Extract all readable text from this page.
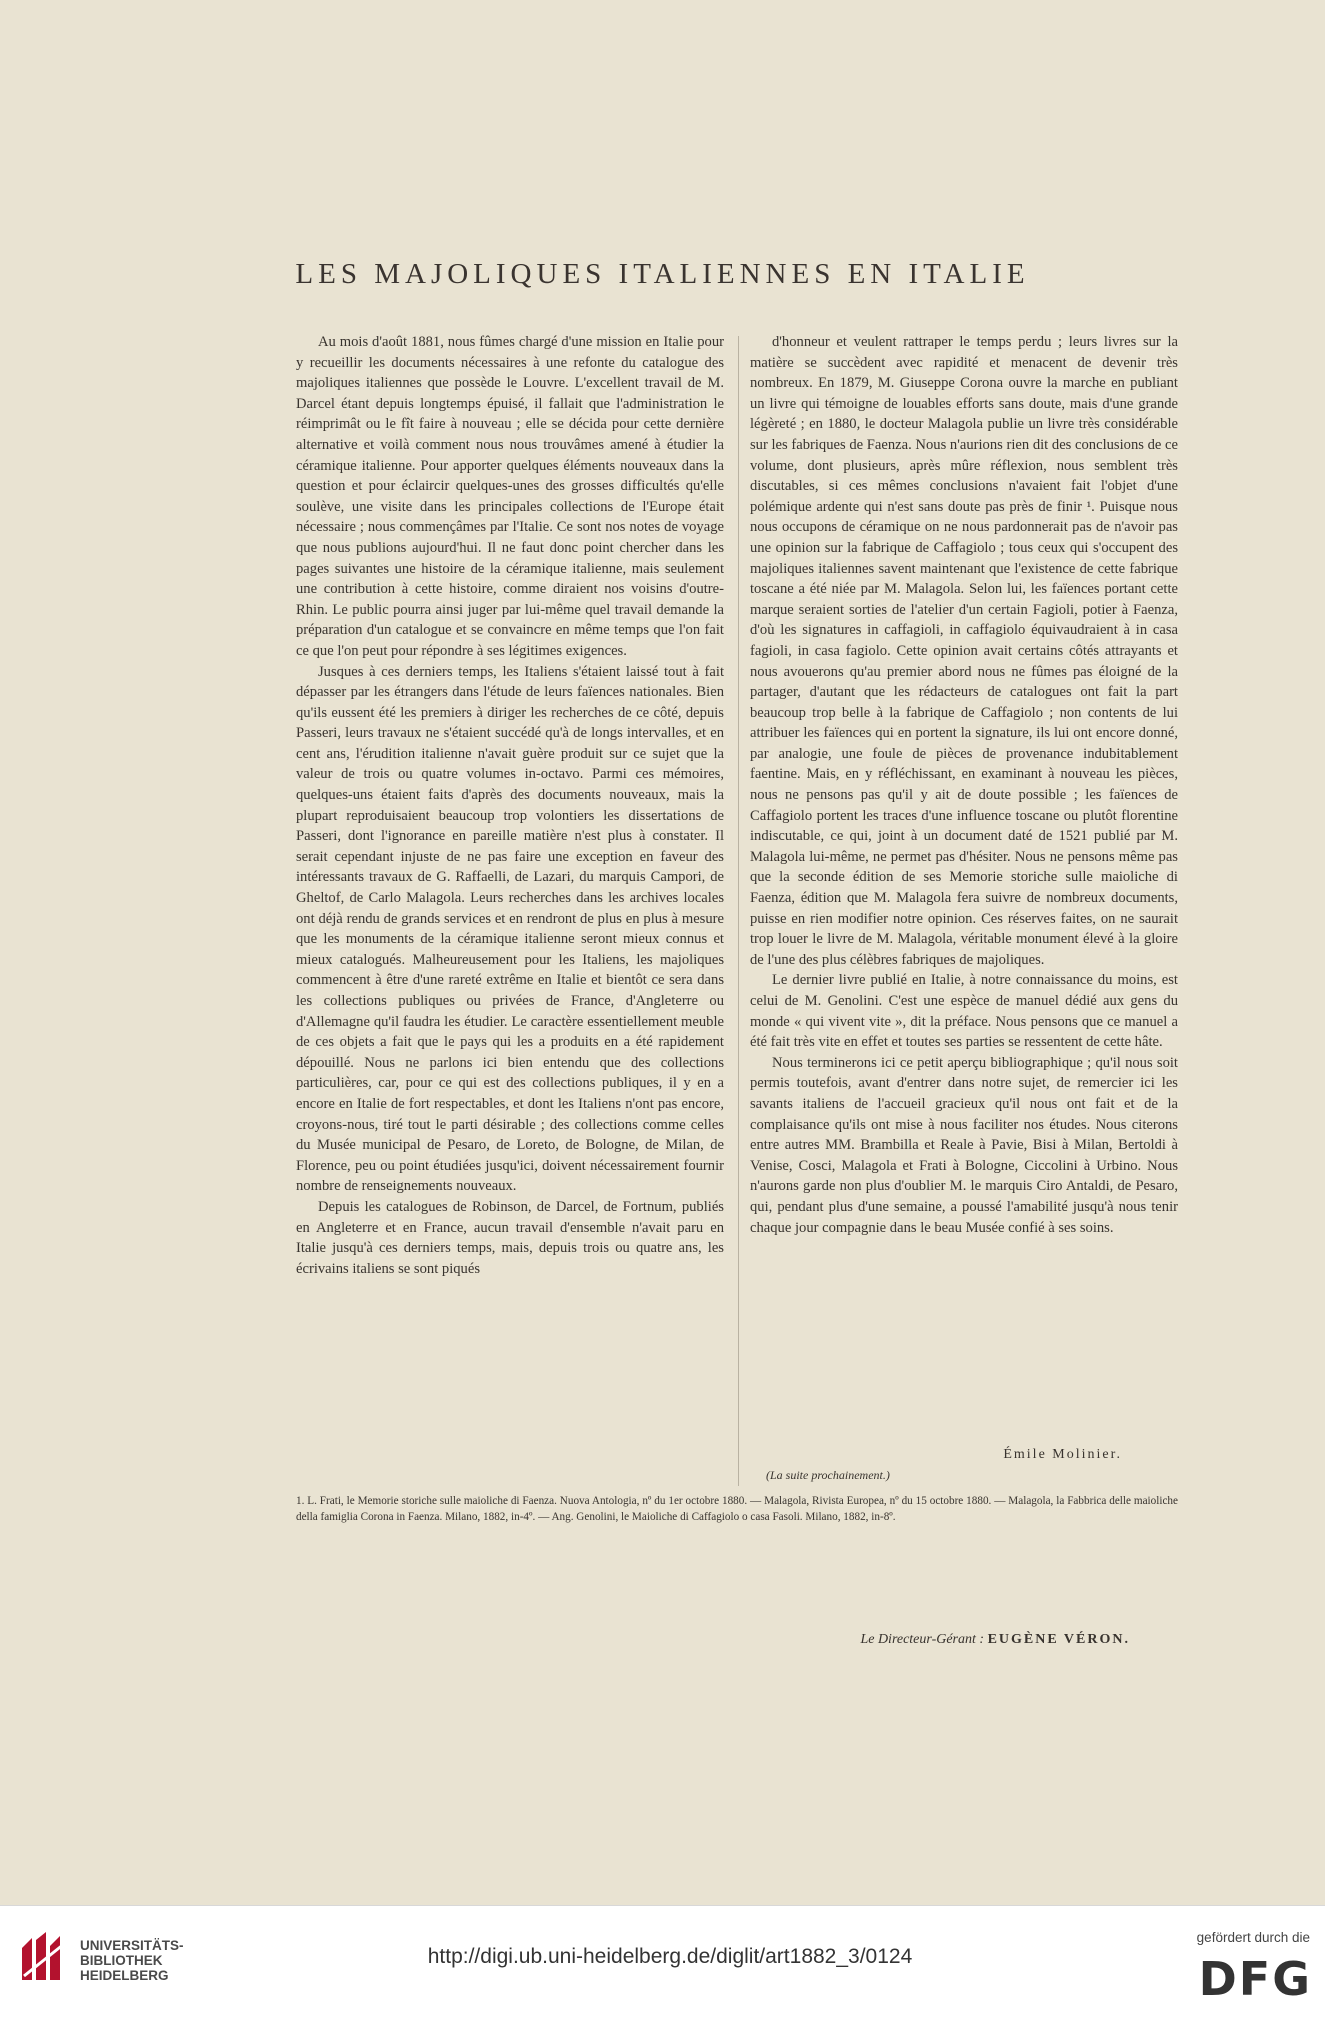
LES MAJOLIQUES ITALIENNES EN ITALIE

Au mois d'août 1881, nous fûmes chargé d'une mission en Italie pour y recueillir les documents nécessaires à une refonte du catalogue des majoliques italiennes que possède le Louvre. L'excellent travail de M. Darcel étant depuis longtemps épuisé, il fallait que l'administration le réimprimât ou le fît faire à nouveau ; elle se décida pour cette dernière alternative et voilà comment nous nous trouvâmes amené à étudier la céramique italienne. Pour apporter quelques éléments nouveaux dans la question et pour éclaircir quelques-unes des grosses difficultés qu'elle soulève, une visite dans les principales collections de l'Europe était nécessaire ; nous commençâmes par l'Italie. Ce sont nos notes de voyage que nous publions aujourd'hui. Il ne faut donc point chercher dans les pages suivantes une histoire de la céramique italienne, mais seulement une contribution à cette histoire, comme diraient nos voisins d'outre-Rhin. Le public pourra ainsi juger par lui-même quel travail demande la préparation d'un catalogue et se convaincre en même temps que l'on fait ce que l'on peut pour répondre à ses légitimes exigences.

Jusques à ces derniers temps, les Italiens s'étaient laissé tout à fait dépasser par les étrangers dans l'étude de leurs faïences nationales. Bien qu'ils eussent été les premiers à diriger les recherches de ce côté, depuis Passeri, leurs travaux ne s'étaient succédé qu'à de longs intervalles, et en cent ans, l'érudition italienne n'avait guère produit sur ce sujet que la valeur de trois ou quatre volumes in-octavo. Parmi ces mémoires, quelques-uns étaient faits d'après des documents nouveaux, mais la plupart reproduisaient beaucoup trop volontiers les dissertations de Passeri, dont l'ignorance en pareille matière n'est plus à constater. Il serait cependant injuste de ne pas faire une exception en faveur des intéressants travaux de G. Raffaelli, de Lazari, du marquis Campori, de Gheltof, de Carlo Malagola. Leurs recherches dans les archives locales ont déjà rendu de grands services et en rendront de plus en plus à mesure que les monuments de la céramique italienne seront mieux connus et mieux catalogués. Malheureusement pour les Italiens, les majoliques commencent à être d'une rareté extrême en Italie et bientôt ce sera dans les collections publiques ou privées de France, d'Angleterre ou d'Allemagne qu'il faudra les étudier. Le caractère essentiellement meuble de ces objets a fait que le pays qui les a produits en a été rapidement dépouillé. Nous ne parlons ici bien entendu que des collections particulières, car, pour ce qui est des collections publiques, il y en a encore en Italie de fort respectables, et dont les Italiens n'ont pas encore, croyons-nous, tiré tout le parti désirable ; des collections comme celles du Musée municipal de Pesaro, de Loreto, de Bologne, de Milan, de Florence, peu ou point étudiées jusqu'ici, doivent nécessairement fournir nombre de renseignements nouveaux.

Depuis les catalogues de Robinson, de Darcel, de Fortnum, publiés en Angleterre et en France, aucun travail d'ensemble n'avait paru en Italie jusqu'à ces derniers temps, mais, depuis trois ou quatre ans, les écrivains italiens se sont piqués

d'honneur et veulent rattraper le temps perdu ; leurs livres sur la matière se succèdent avec rapidité et menacent de devenir très nombreux. En 1879, M. Giuseppe Corona ouvre la marche en publiant un livre qui témoigne de louables efforts sans doute, mais d'une grande légèreté ; en 1880, le docteur Malagola publie un livre très considérable sur les fabriques de Faenza. Nous n'aurions rien dit des conclusions de ce volume, dont plusieurs, après mûre réflexion, nous semblent très discutables, si ces mêmes conclusions n'avaient fait l'objet d'une polémique ardente qui n'est sans doute pas près de finir ¹. Puisque nous nous occupons de céramique on ne nous pardonnerait pas de n'avoir pas une opinion sur la fabrique de Caffagiolo ; tous ceux qui s'occupent des majoliques italiennes savent maintenant que l'existence de cette fabrique toscane a été niée par M. Malagola. Selon lui, les faïences portant cette marque seraient sorties de l'atelier d'un certain Fagioli, potier à Faenza, d'où les signatures in caffagioli, in caffagiolo équivaudraient à in casa fagioli, in casa fagiolo. Cette opinion avait certains côtés attrayants et nous avouerons qu'au premier abord nous ne fûmes pas éloigné de la partager, d'autant que les rédacteurs de catalogues ont fait la part beaucoup trop belle à la fabrique de Caffagiolo ; non contents de lui attribuer les faïences qui en portent la signature, ils lui ont encore donné, par analogie, une foule de pièces de provenance indubitablement faentine. Mais, en y réfléchissant, en examinant à nouveau les pièces, nous ne pensons pas qu'il y ait de doute possible ; les faïences de Caffagiolo portent les traces d'une influence toscane ou plutôt florentine indiscutable, ce qui, joint à un document daté de 1521 publié par M. Malagola lui-même, ne permet pas d'hésiter. Nous ne pensons même pas que la seconde édition de ses Memorie storiche sulle maioliche di Faenza, édition que M. Malagola fera suivre de nombreux documents, puisse en rien modifier notre opinion. Ces réserves faites, on ne saurait trop louer le livre de M. Malagola, véritable monument élevé à la gloire de l'une des plus célèbres fabriques de majoliques.

Le dernier livre publié en Italie, à notre connaissance du moins, est celui de M. Genolini. C'est une espèce de manuel dédié aux gens du monde « qui vivent vite », dit la préface. Nous pensons que ce manuel a été fait très vite en effet et toutes ses parties se ressentent de cette hâte.

Nous terminerons ici ce petit aperçu bibliographique ; qu'il nous soit permis toutefois, avant d'entrer dans notre sujet, de remercier ici les savants italiens de l'accueil gracieux qu'il nous ont fait et de la complaisance qu'ils ont mise à nous faciliter nos études. Nous citerons entre autres MM. Brambilla et Reale à Pavie, Bisi à Milan, Bertoldi à Venise, Cosci, Malagola et Frati à Bologne, Ciccolini à Urbino. Nous n'aurons garde non plus d'oublier M. le marquis Ciro Antaldi, de Pesaro, qui, pendant plus d'une semaine, a poussé l'amabilité jusqu'à nous tenir chaque jour compagnie dans le beau Musée confié à ses soins.

Émile Molinier.
(La suite prochainement.)
1. L. Frati, le Memorie storiche sulle maioliche di Faenza. Nuova Antologia, nº du 1er octobre 1880. — Malagola, Rivista Europea, nº du 15 octobre 1880. — Malagola, la Fabbrica delle maioliche della famiglia Corona in Faenza. Milano, 1882, in-4º. — Ang. Genolini, le Maioliche di Caffagiolo o casa Fasoli. Milano, 1882, in-8º.
Le Directeur-Gérant : EUGÈNE VÉRON.
UNIVERSITÄTS-
BIBLIOTHEK
HEIDELBERG
http://digi.ub.uni-heidelberg.de/diglit/art1882_3/0124
gefördert durch die
DFG
